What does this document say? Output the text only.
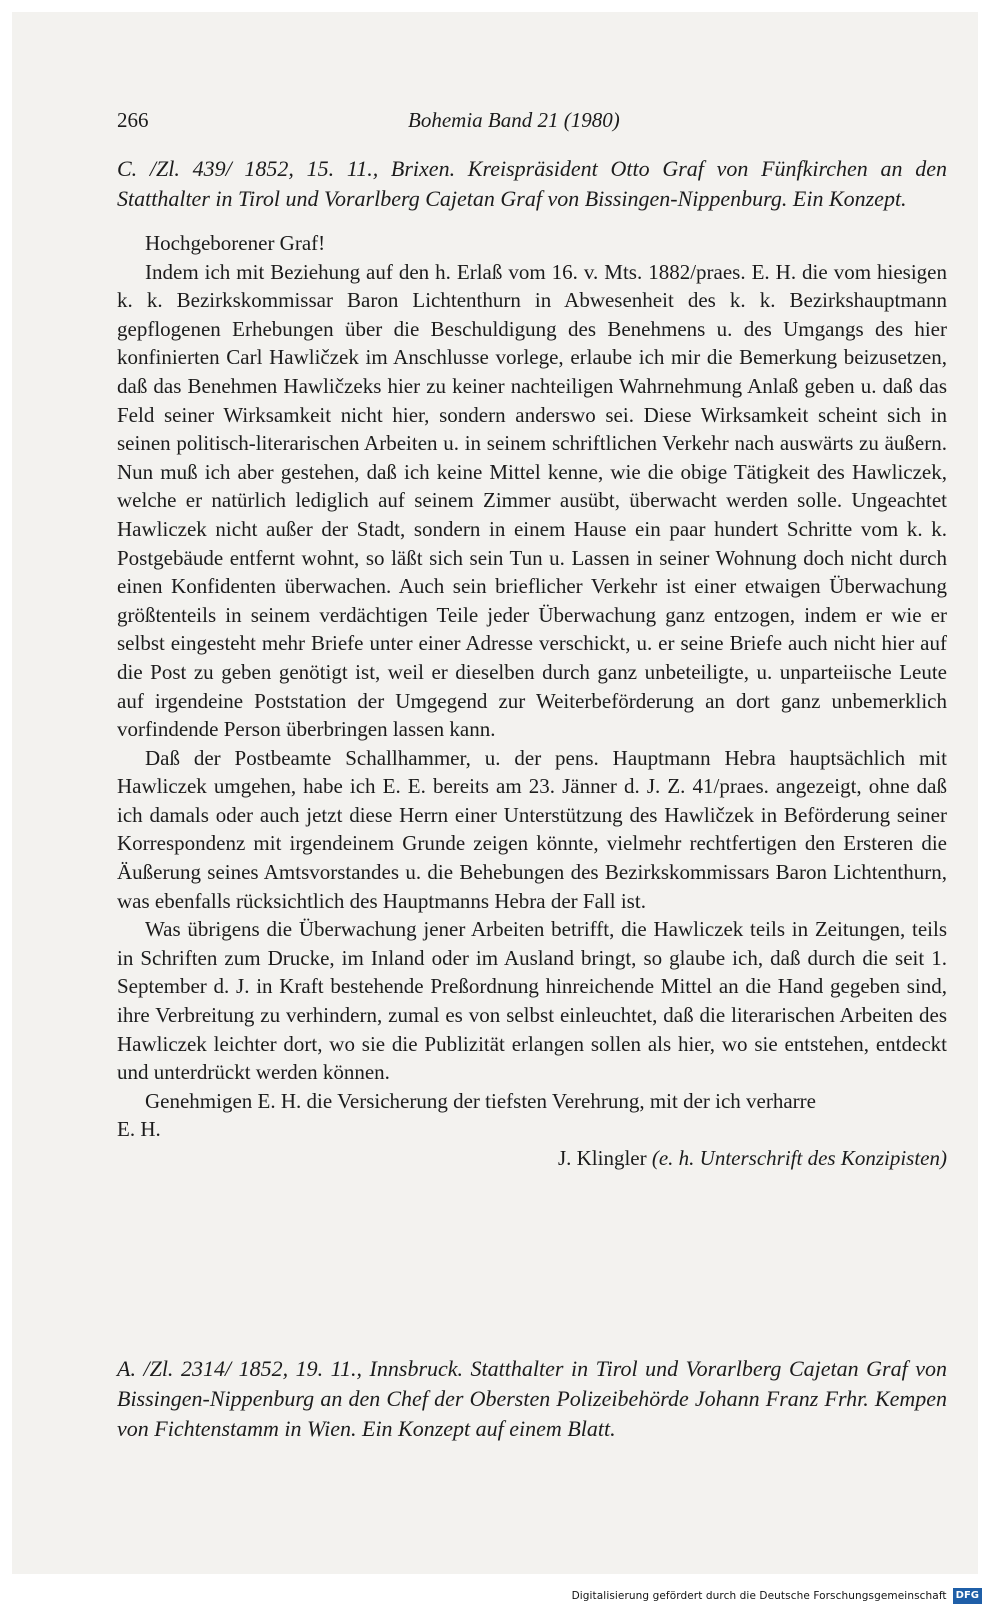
266	Bohemia Band 21 (1980)

C. /Zl. 439/ 1852, 15. 11., Brixen. Kreispräsident Otto Graf von Fünfkirchen an den Statthalter in Tirol und Vorarlberg Cajetan Graf von Bissingen-Nippenburg. Ein Konzept.

Hochgeborener Graf!

Indem ich mit Beziehung auf den h. Erlaß vom 16. v. Mts. 1882/praes. E. H. die vom hiesigen k. k. Bezirkskommissar Baron Lichtenthurn in Abwesenheit des k. k. Bezirkshauptmann gepflogenen Erhebungen über die Beschuldigung des Benehmens u. des Umgangs des hier konfinierten Carl Hawličzek im Anschlusse vorlege, erlaube ich mir die Bemerkung beizusetzen, daß das Benehmen Hawličzeks hier zu keiner nachteiligen Wahrnehmung Anlaß geben u. daß das Feld seiner Wirksamkeit nicht hier, sondern anderswo sei. Diese Wirksamkeit scheint sich in seinen politisch-literarischen Arbeiten u. in seinem schriftlichen Verkehr nach auswärts zu äußern. Nun muß ich aber gestehen, daß ich keine Mittel kenne, wie die obige Tätigkeit des Hawliczek, welche er natürlich lediglich auf seinem Zimmer ausübt, überwacht werden solle. Ungeachtet Hawliczek nicht außer der Stadt, sondern in einem Hause ein paar hundert Schritte vom k. k. Postgebäude entfernt wohnt, so läßt sich sein Tun u. Lassen in seiner Wohnung doch nicht durch einen Konfidenten überwachen. Auch sein brieflicher Verkehr ist einer etwaigen Überwachung größtenteils in seinem verdächtigen Teile jeder Überwachung ganz entzogen, indem er wie er selbst eingesteht mehr Briefe unter einer Adresse verschickt, u. er seine Briefe auch nicht hier auf die Post zu geben genötigt ist, weil er dieselben durch ganz unbeteiligte, u. unparteiische Leute auf irgendeine Poststation der Umgegend zur Weiterbeförderung an dort ganz unbemerklich vorfindende Person überbringen lassen kann.

Daß der Postbeamte Schallhammer, u. der pens. Hauptmann Hebra hauptsächlich mit Hawliczek umgehen, habe ich E. E. bereits am 23. Jänner d. J. Z. 41/praes. angezeigt, ohne daß ich damals oder auch jetzt diese Herrn einer Unterstützung des Hawličzek in Beförderung seiner Korrespondenz mit irgendeinem Grunde zeigen könnte, vielmehr rechtfertigen den Ersteren die Äußerung seines Amtsvorstandes u. die Behebungen des Bezirkskommissars Baron Lichtenthurn, was ebenfalls rücksichtlich des Hauptmanns Hebra der Fall ist.

Was übrigens die Überwachung jener Arbeiten betrifft, die Hawliczek teils in Zeitungen, teils in Schriften zum Drucke, im Inland oder im Ausland bringt, so glaube ich, daß durch die seit 1. September d. J. in Kraft bestehende Preßordnung hinreichende Mittel an die Hand gegeben sind, ihre Verbreitung zu verhindern, zumal es von selbst einleuchtet, daß die literarischen Arbeiten des Hawliczek leichter dort, wo sie die Publizität erlangen sollen als hier, wo sie entstehen, entdeckt und unterdrückt werden können.

Genehmigen E. H. die Versicherung der tiefsten Verehrung, mit der ich verharre

E. H.

J. Klingler (e. h. Unterschrift des Konzipisten)

A. /Zl. 2314/ 1852, 19. 11., Innsbruck. Statthalter in Tirol und Vorarlberg Cajetan Graf von Bissingen-Nippenburg an den Chef der Obersten Polizeibehörde Johann Franz Frhr. Kempen von Fichtenstamm in Wien. Ein Konzept auf einem Blatt.

Digitalisierung gefördert durch die Deutsche Forschungsgemeinschaft DFG
